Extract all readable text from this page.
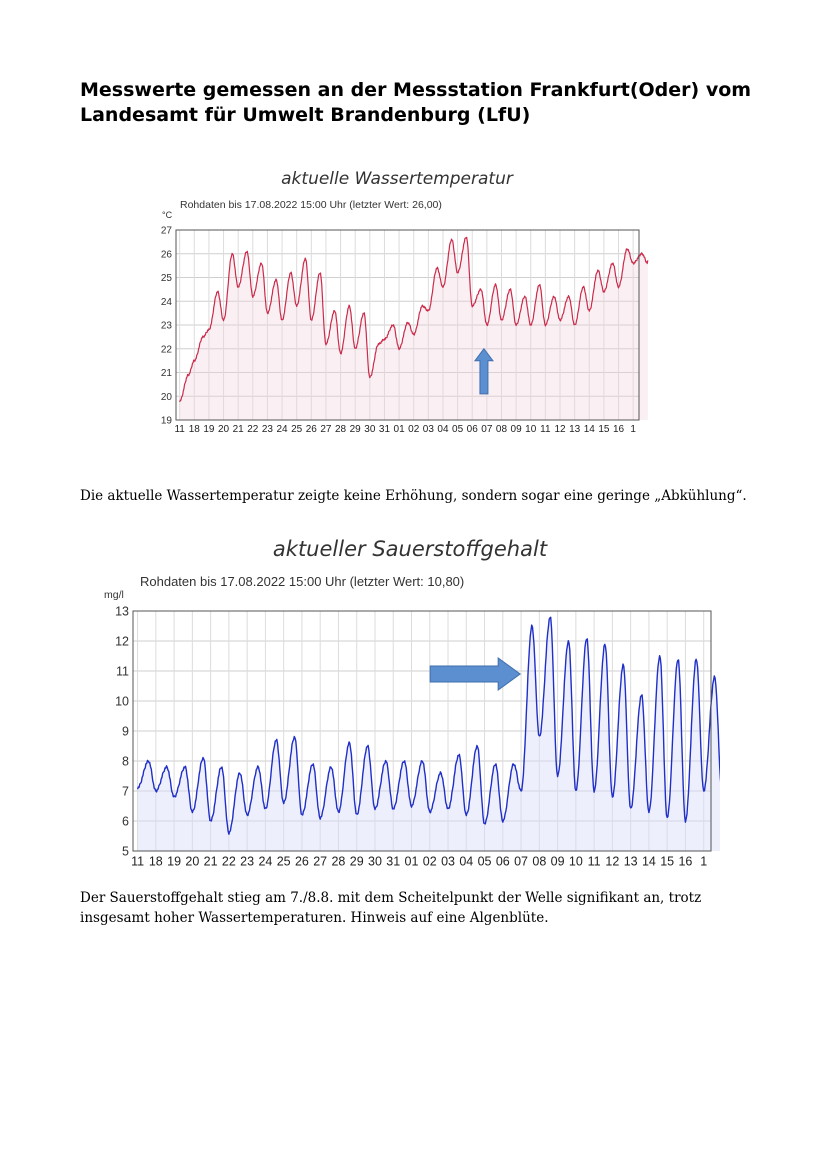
Messwerte gemessen an der Messstation Frankfurt(Oder) vom Landesamt für Umwelt Brandenburg (LfU)
aktuelle Wassertemperatur
Rohdaten bis 17.08.2022 15:00 Uhr (letzter Wert: 26,00)
°C
19
20
21
22
23
24
25
26
27
11 18 19 20 21 22 23 24 25 26 27 28 29 30 31 01 02 03 04 05 06 07 08 09 10 11 12 13 14 15 16 1

Die aktuelle Wassertemperatur zeigte keine Erhöhung, sondern sogar eine geringe „Abkühlung“.

aktueller Sauerstoffgehalt
Rohdaten bis 17.08.2022 15:00 Uhr (letzter Wert: 10,80)
mg/l
5
6
7
8
9
10
11
12
13
11 18 19 20 21 22 23 24 25 26 27 28 29 30 31 01 02 03 04 05 06 07 08 09 10 11 12 13 14 15 16 1

Der Sauerstoffgehalt stieg am 7./8.8. mit dem Scheitelpunkt der Welle signifikant an, trotz insgesamt hoher Wassertemperaturen. Hinweis auf eine Algenblüte.
